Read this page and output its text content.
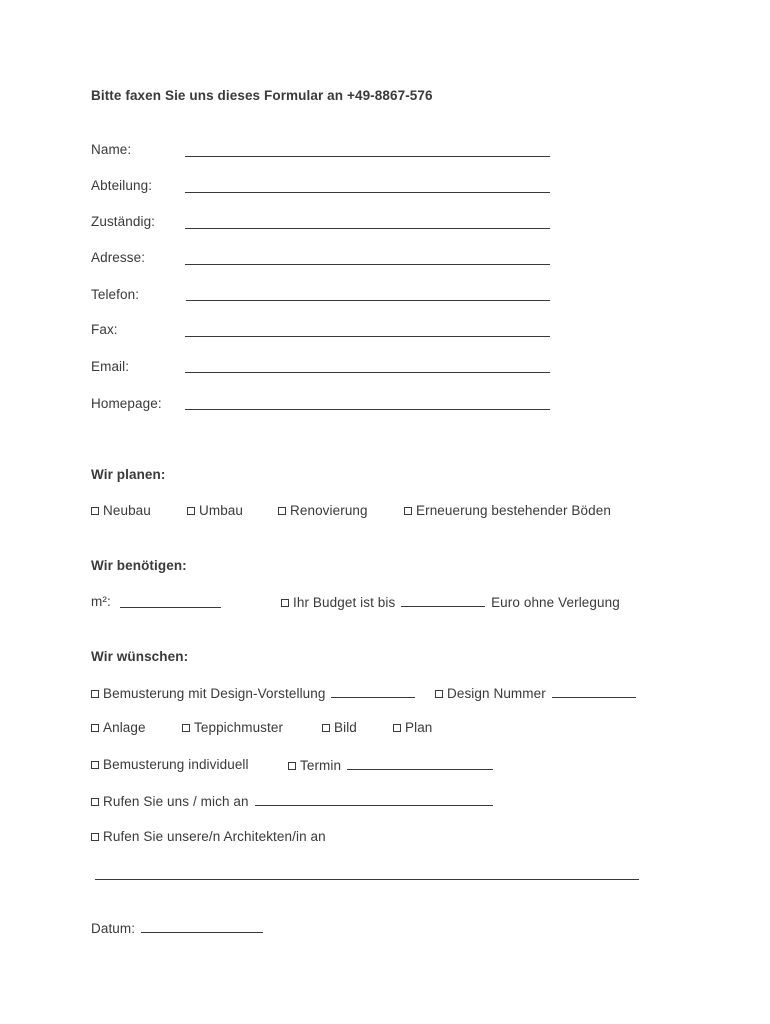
Bitte faxen Sie uns dieses Formular an +49-8867-576
Name:
Abteilung:
Zuständig:
Adresse:
Telefon:
Fax:
Email:
Homepage:
Wir planen:
Neubau	Umbau	Renovierung	Erneuerung bestehender Böden
Wir benötigen:
m²:	Ihr Budget ist bis	Euro ohne Verlegung
Wir wünschen:
Bemusterung mit Design-Vorstellung	Design Nummer
Anlage	Teppichmuster	Bild	Plan
Bemusterung individuell	Termin
Rufen Sie uns / mich an
Rufen Sie unsere/n Architekten/in an
Datum:
